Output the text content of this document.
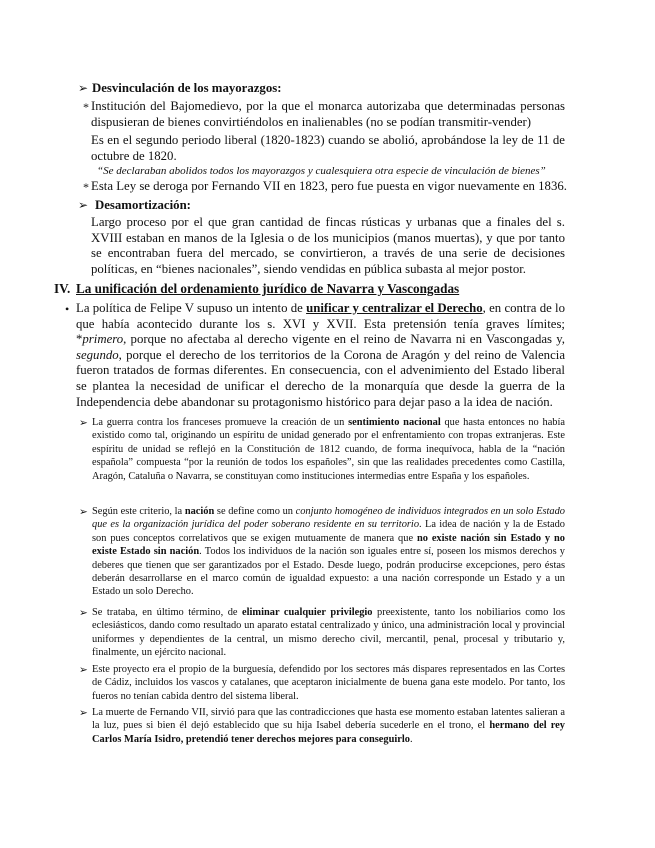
➢ Desvinculación de los mayorazgos:
* Institución del Bajomedievo, por la que el monarca autorizaba que determinadas personas dispusieran de bienes convirtiéndolos en inalienables (no se podían transmitir-vender)

Es en el segundo periodo liberal (1820-1823) cuando se abolió, aprobándose la ley de 11 de octubre de 1820.

“Se declaraban abolidos todos los mayorazgos y cualesquiera otra especie de vinculación de bienes”

* Esta Ley se deroga por Fernando VII en 1823, pero fue puesta en vigor nuevamente en 1836.

➢ Desamortización:

Largo proceso por el que gran cantidad de fincas rústicas y urbanas que a finales del s. XVIII estaban en manos de la Iglesia o de los municipios (manos muertas), y que por tanto se encontraban fuera del mercado, se convirtieron, a través de una serie de decisiones políticas, en “bienes nacionales”, siendo vendidas en pública subasta al mejor postor.

IV. La unificación del ordenamiento jurídico de Navarra y Vascongadas
• La política de Felipe V supuso un intento de unificar y centralizar el Derecho, en contra de lo que había acontecido durante los s. XVI y XVII. Esta pretensión tenía graves límites; *primero, porque no afectaba al derecho vigente en el reino de Navarra ni en Vascongadas y, segundo, porque el derecho de los territorios de la Corona de Aragón y del reino de Valencia fueron tratados de formas diferentes. En consecuencia, con el advenimiento del Estado liberal se plantea la necesidad de unificar el derecho de la monarquía que desde la guerra de la Independencia debe abandonar su protagonismo histórico para dejar paso a la idea de nación.

➢ La guerra contra los franceses promueve la creación de un sentimiento nacional que hasta entonces no había existido como tal, originando un espíritu de unidad generado por el enfrentamiento con tropas extranjeras. Este espíritu de unidad se reflejó en la Constitución de 1812 cuando, de forma inequívoca, habla de la “nación española” compuesta “por la reunión de todos los españoles”, sin que las realidades precedentes como Castilla, Aragón, Cataluña o Navarra, se constituyan como instituciones intermedias entre España y los españoles.

➢ Según este criterio, la nación se define como un conjunto homogéneo de individuos integrados en un solo Estado que es la organización jurídica del poder soberano residente en su territorio. La idea de nación y la de Estado son pues conceptos correlativos que se exigen mutuamente de manera que no existe nación sin Estado y no existe Estado sin nación. Todos los individuos de la nación son iguales entre sí, poseen los mismos derechos y deberes que tienen que ser garantizados por el Estado. Desde luego, podrán producirse excepciones, pero éstas deberán desarrollarse en el marco común de igualdad expuesto: a una nación corresponde un Estado y a un Estado un solo Derecho.

➢ Se trataba, en último término, de eliminar cualquier privilegio preexistente, tanto los nobiliarios como los eclesiásticos, dando como resultado un aparato estatal centralizado y único, una administración local y provincial uniformes y dependientes de la central, un mismo derecho civil, mercantil, penal, procesal y tributario y, finalmente, un ejército nacional.

➢ Este proyecto era el propio de la burguesía, defendido por los sectores más dispares representados en las Cortes de Cádiz, incluidos los vascos y catalanes, que aceptaron inicialmente de buena gana este modelo. Por tanto, los fueros no tenían cabida dentro del sistema liberal.

➢ La muerte de Fernando VII, sirvió para que las contradicciones que hasta ese momento estaban latentes salieran a la luz, pues si bien él dejó establecido que su hija Isabel debería sucederle en el trono, el hermano del rey Carlos María Isidro, pretendió tener derechos mejores para conseguirlo.
